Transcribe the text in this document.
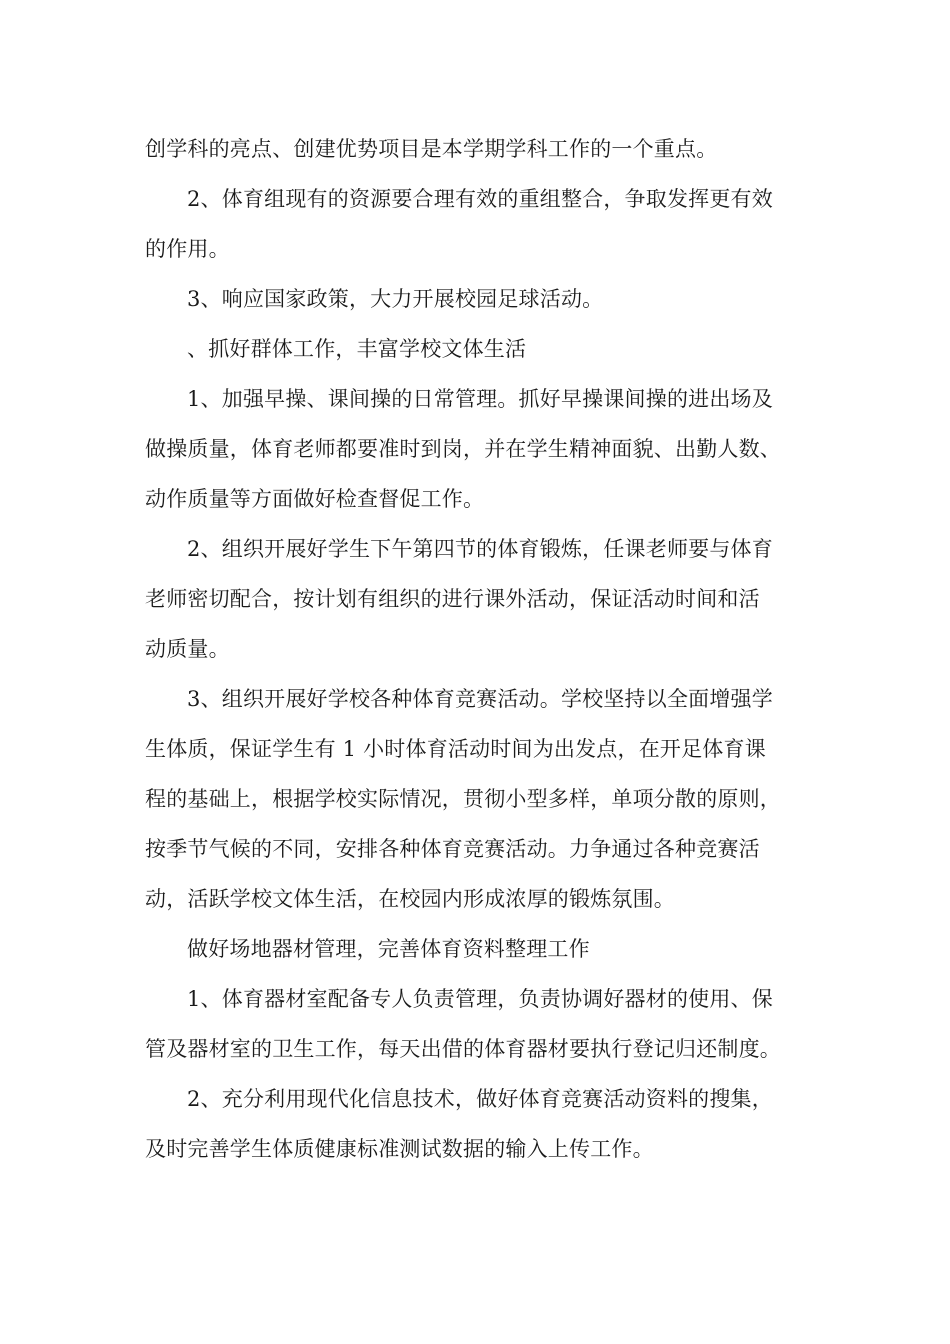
创学科的亮点、创建优势项目是本学期学科工作的一个重点。
2、体育组现有的资源要合理有效的重组整合，争取发挥更有效
的作用。
3、响应国家政策，大力开展校园足球活动。
、抓好群体工作，丰富学校文体生活
1、加强早操、课间操的日常管理。抓好早操课间操的进出场及
做操质量，体育老师都要准时到岗，并在学生精神面貌、出勤人数、
动作质量等方面做好检查督促工作。
2、组织开展好学生下午第四节的体育锻炼，任课老师要与体育
老师密切配合，按计划有组织的进行课外活动，保证活动时间和活
动质量。
3、组织开展好学校各种体育竞赛活动。学校坚持以全面增强学
生体质，保证学生有 1 小时体育活动时间为出发点，在开足体育课
程的基础上，根据学校实际情况，贯彻小型多样，单项分散的原则，
按季节气候的不同，安排各种体育竞赛活动。力争通过各种竞赛活
动，活跃学校文体生活，在校园内形成浓厚的锻炼氛围。
做好场地器材管理，完善体育资料整理工作
1、体育器材室配备专人负责管理，负责协调好器材的使用、保
管及器材室的卫生工作，每天出借的体育器材要执行登记归还制度。
2、充分利用现代化信息技术，做好体育竞赛活动资料的搜集，
及时完善学生体质健康标准测试数据的输入上传工作。
